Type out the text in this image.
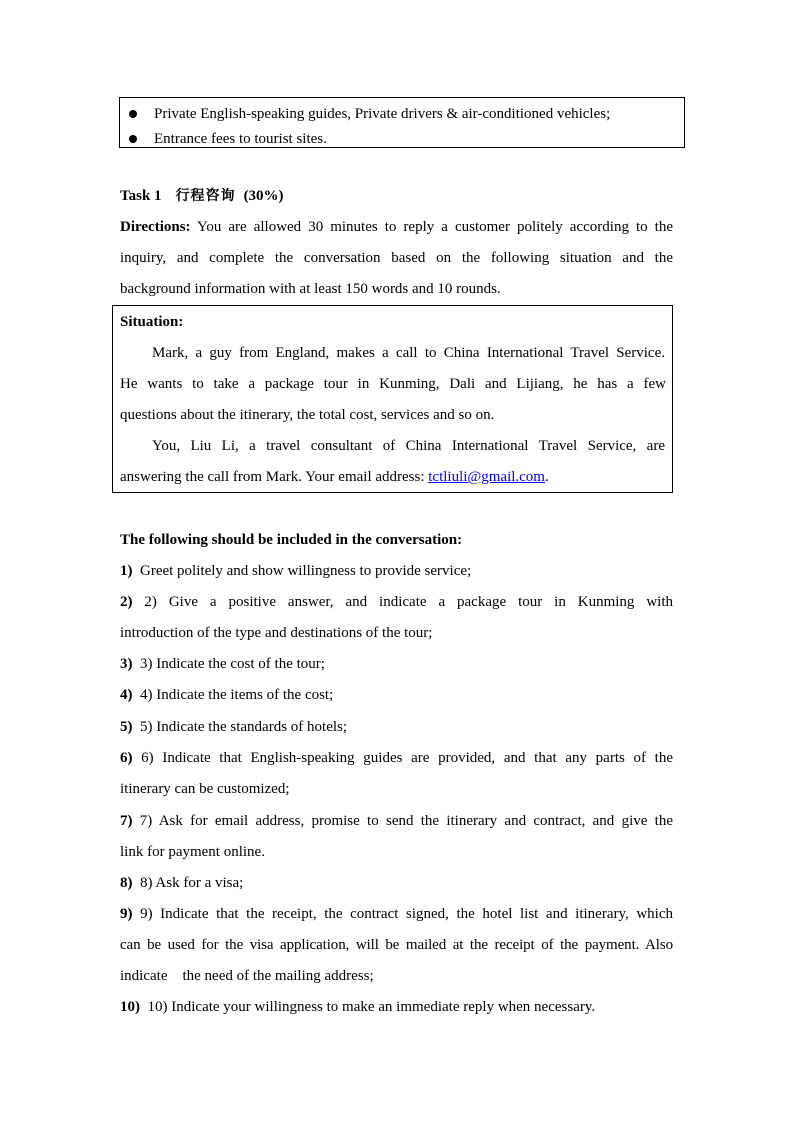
Private English-speaking guides, Private drivers & air-conditioned vehicles;
Entrance fees to tourist sites.
Task 1 行程咨询 (30%)
Directions: You are allowed 30 minutes to reply a customer politely according to the
inquiry, and complete the conversation based on the following situation and the
background information with at least 150 words and 10 rounds.
Situation:
Mark, a guy from England, makes a call to China International Travel Service.
He wants to take a package tour in Kunming, Dali and Lijiang, he has a few
questions about the itinerary, the total cost, services and so on.
You, Liu Li, a travel consultant of China International Travel Service, are
answering the call from Mark. Your email address: tctliuli@gmail.com.
The following should be included in the conversation:
1) Greet politely and show willingness to provide service;
2) 2) Give a positive answer, and indicate a package tour in Kunming with
introduction of the type and destinations of the tour;
3) 3) Indicate the cost of the tour;
4) 4) Indicate the items of the cost;
5) 5) Indicate the standards of hotels;
6) 6) Indicate that English-speaking guides are provided, and that any parts of the
itinerary can be customized;
7) 7) Ask for email address, promise to send the itinerary and contract, and give the
link for payment online.
8) 8) Ask for a visa;
9) 9) Indicate that the receipt, the contract signed, the hotel list and itinerary, which
can be used for the visa application, will be mailed at the receipt of the payment. Also
indicate    the need of the mailing address;
10) 10) Indicate your willingness to make an immediate reply when necessary.
